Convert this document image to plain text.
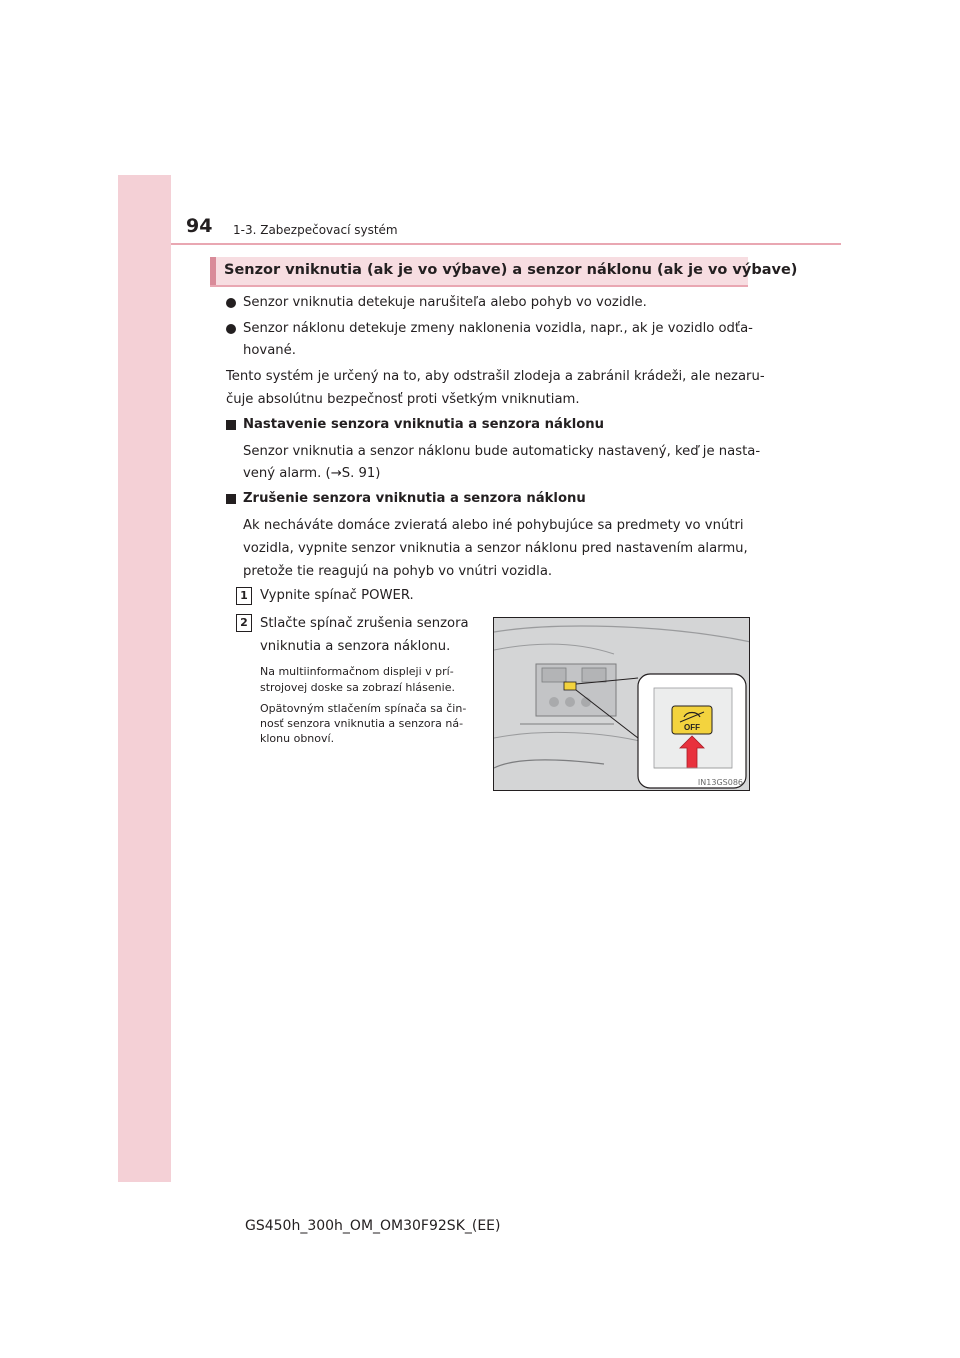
94 1-3. Zabezpečovací systém
Senzor vniknutia (ak je vo výbave) a senzor náklonu (ak je vo výbave)
Senzor vniknutia detekuje narušiteľa alebo pohyb vo vozidle.
Senzor náklonu detekuje zmeny naklonenia vozidla, napr., ak je vozidlo odťa-
hované.
Tento systém je určený na to, aby odstrašil zlodeja a zabránil krádeži, ale nezaru-
čuje absolútnu bezpečnosť proti všetkým vniknutiam.
Nastavenie senzora vniknutia a senzora náklonu
Senzor vniknutia a senzor náklonu bude automaticky nastavený, keď je nasta-
vený alarm. (→S. 91)
Zrušenie senzora vniknutia a senzora náklonu
Ak necháváte domáce zvieratá alebo iné pohybujúce sa predmety vo vnútri
vozidla, vypnite senzor vniknutia a senzor náklonu pred nastavením alarmu,
pretože tie reagujú na pohyb vo vnútri vozidla.
1 Vypnite spínač POWER.
2 Stlačte spínač zrušenia senzora
vniknutia a senzora náklonu.
Na multiinformačnom displeji v prí-
strojovej doske sa zobrazí hlásenie.
Opätovným stlačením spínača sa čin-
nosť senzora vniknutia a senzora ná-
klonu obnoví.
OFF
IN13GS086
GS450h_300h_OM_OM30F92SK_(EE)
